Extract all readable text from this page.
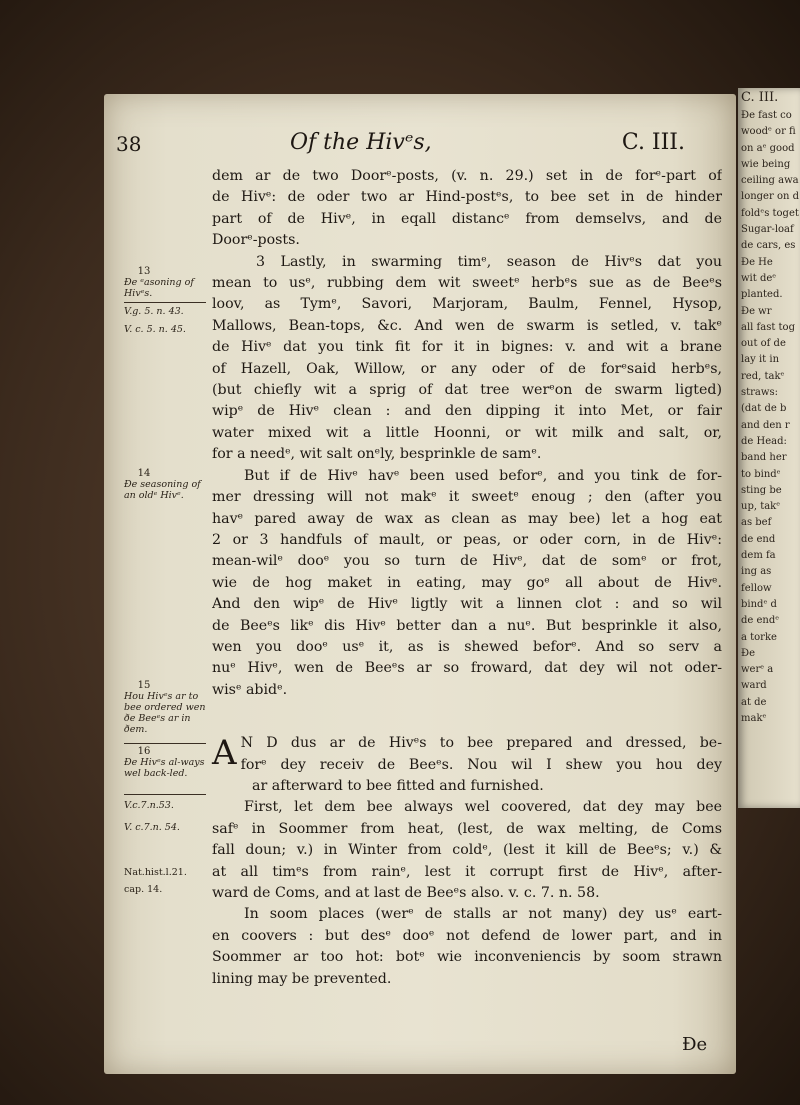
C. III.
Ðe fast co
woodᵉ or fi
on aᵉ good
wie being
ceiling awa
longer on d
foldᵉs toget
Sugar-loaf
de cars, es
Ðe He
wit deᵉ
planted.
Ðe wr
all fast tog
out of de
lay it in
red, takᵉ
straws:
(dat de b
and den r
de Head:
band her
to bindᵉ
sting be
up, takᵉ
as bef
de end
dem fa
ing as
fellow
bindᵉ d
de endᵉ
a torke
Ðe
werᵉ a
ward
at de
makᵉ
38	Of the Hivᵉs,	C. III.
13
Ðe ᵉasoning of Hivᵉs.
V.g. 5. n. 43.
V. c. 5. n. 45.
14
Ðe seasoning of an oldᵉ Hivᵉ.
15
Hou Hivᵉs ar to bee ordered wen ðe Beeᵉs ar in ðem.
16
Ðe Hivᵉs al-ways wel back-led.
V.c.7.n.53.
V. c.7.n. 54.
Nat.hist.l.21.
cap. 14.
dem ar de two Doorᵉ-posts, (v. n. 29.) set in de forᵉ-part of
de Hivᵉ: de oder two ar Hind-postᵉs, to bee set in de hinder
part of de Hivᵉ, in eqall distancᵉ from demselvs, and de
Doorᵉ-posts.
3 Lastly, in swarming timᵉ, season de Hivᵉs dat you
mean to usᵉ, rubbing dem wit sweetᵉ herbᵉs sue as de Beeᵉs
loov, as Tymᵉ, Savori, Marjoram, Baulm, Fennel, Hysop,
Mallows, Bean-tops, &c. And wen de swarm is setled, v. takᵉ
de Hivᵉ dat you tink fit for it in bignes: v. and wit a brane
of Hazell, Oak, Willow, or any oder of de forᵉsaid herbᵉs,
(but chiefly wit a sprig of dat tree werᵉon de swarm ligted)
wipᵉ de Hivᵉ clean : and den dipping it into Met, or fair
water mixed wit a little Hoonni, or wit milk and salt, or,
for a needᵉ, wit salt onᵉly, besprinkle de samᵉ.
But if de Hivᵉ havᵉ been used beforᵉ, and you tink de for-
mer dressing will not makᵉ it sweetᵉ enoug ; den (after you
havᵉ pared away de wax as clean as may bee) let a hog eat
2 or 3 handfuls of mault, or peas, or oder corn, in de Hivᵉ:
mean-wilᵉ dooᵉ you so turn de Hivᵉ, dat de somᵉ or frot,
wie de hog maket in eating, may goᵉ all about de Hivᵉ.
And den wipᵉ de Hivᵉ ligtly wit a linnen clot : and so wil
de Beeᵉs likᵉ dis Hivᵉ better dan a nuᵉ. But besprinkle it also,
wen you dooᵉ usᵉ it, as is shewed beforᵉ. And so serv a
nuᵉ Hivᵉ, wen de Beeᵉs ar so froward, dat dey wil not oder-
wisᵉ abidᵉ.
A N D dus ar de Hivᵉs to bee prepared and dressed, be-
forᵉ dey receiv de Beeᵉs. Nou wil I shew you hou dey
ar afterward to bee fitted and furnished.
First, let dem bee always wel coovered, dat dey may bee
safᵉ in Soommer from heat, (lest, de wax melting, de Coms
fall doun; v.) in Winter from coldᵉ, (lest it kill de Beeᵉs; v.) &
at all timᵉs from rainᵉ, lest it corrupt first de Hivᵉ, after-
ward de Coms, and at last de Beeᵉs also. v. c. 7. n. 58.
In soom places (werᵉ de stalls ar not many) dey usᵉ eart-
en coovers : but desᵉ dooᵉ not defend de lower part, and in
Soommer ar too hot: botᵉ wie inconveniencis by soom strawn
lining may be prevented.
Ðe
